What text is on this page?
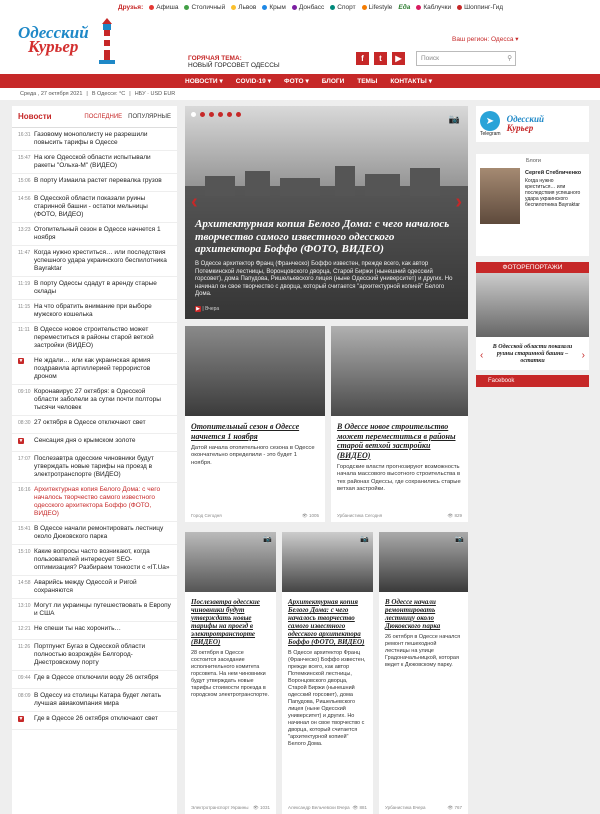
Друзья: Афиша Столичный Львов Крым Донбасс Спорт Lifestyle Еда Каблучки Шоппинг-Гид
Одесский
Курьер
ГОРЯЧАЯ ТЕМА:
НОВЫЙ ГОРСОВЕТ ОДЕССЫ
Ваш регион: Одесса ▾
f	t	▶	Поиск	⚲
НОВОСТИ ▾	COVID-19 ▾	ФОТО ▾	БЛОГИ ТЕМЫ КОНТАКТЫ ▾
Среда , 27 октября 2021 | В Одессе: °C | НБУ · USD EUR
Новости	ПОСЛЕДНИЕ ПОПУЛЯРНЫЕ
16:31 Газовому монополисту не разрешили повысить тарифы в Одессе
15:47 На юге Одесской области испытывали ракеты "Ольха-М" (ВИДЕО)
15:06 В порту Измаила растет перевалка грузов
14:56 В Одесской области показали руины старинной башни - остатки мельницы (ФОТО, ВИДЕО)
13:23 Отопительный сезон в Одессе начнется 1 ноября
11:47 Когда нужно креститься… или последствия успешного удара украинского беспилотника Bayraktar
11:19 В порту Одессы сдадут в аренду старые склады
11:15 На что обратить внимание при выборе мужского кошелька
11:11 В Одессе новое строительство может переместиться в районы старой ветхой застройки (ВИДЕО)
▼	Не ждали… или как украинская армия поздравила артиллерией террористов дроном
09:10 Коронавирус 27 октября: в Одесской области заболели за сутки почти полторы тысячи человек
08:30 27 октября в Одессе отключают свет
▼	Сенсация дня о крымском золоте
17:07 Послезавтра одесские чиновники будут утверждать новые тарифы на проезд в электротранспорте (ВИДЕО)
16:16 Архитектурная копия Белого Дома: с чего началось творчество самого известного одесского архитектора Боффо (ФОТО, ВИДЕО)
15:41 В Одессе начали ремонтировать лестницу около Дюковского парка
15:10 Какие вопросы часто возникают, когда пользователей интересует SEO-оптимизация? Разбираем тонкости с «IТ.Ua»
14:58 Аварийсь между Одессой и Ригой сохраняются
13:10 Могут ли украинцы путешествовать в Европу и США
12:21 Не спеши ты нас хоронить…
11:26 Портпункт Бугаз в Одесской области полностью возрождён Белгород-Днестровскому порту
09:44 Где в Одессе отключили воду 26 октября
08:09 В Одессу из столицы Катара будет летать лучшая авиакомпания мира
▼	Где в Одессе 26 октября отключают свет
📷
‹	›
Архитектурная копия Белого Дома: с чего началось творчество самого известного одесского архитектора Боффо (ФОТО, ВИДЕО)
В Одессе архитектор Франц (Франческо) Боффо известен, прежде всего, как автор Потемкинской лестницы, Воронцовского дворца, Старой Биржи (нынешний одесский горсовет), дома Папудова, Ришельевского лицея (ныне Одесский университет) и других. Но начинал он свое творчество с дворца, который считается "архитектурной копией" Белого Дома.
▶ | Вчера
Отопительный сезон в Одессе начнется 1 ноября
Датой начала отопительного сезона в Одессе окончательно определили - это будет 1 ноября.
Город Сегодня	👁 1005
В Одессе новое строительство может переместиться в районы старой ветхой застройки (ВИДЕО)
Городские власти прогнозируют возможность начала массового высотного строительства в тех районах Одессы, где сохранились старые ветхая застройки.
Урбанистика Сегодня	👁 829
📷
Послезавтра одесские чиновники будут утверждать новые тарифы на проезд в электротранспорте (ВИДЕО)
28 октября в Одессе состоится заседание исполнительного комитета горсовета. На нем чиновники будут утверждать новые тарифы стоимости проезда в городском электротранспорте.
Электротранспорт Украины 👁 1031
📷
Архитектурная копия Белого Дома: с чего началось творчество самого известного одесского архитектора Боффо (ФОТО, ВИДЕО)
В Одессе архитектор Франц (Франческо) Боффо известен, прежде всего, как автор Потемкинской лестницы, Воронцовского дворца, Старой Биржи (нынешний одесский горсовет), дома Папудова, Ришельевского лицея (ныне Одесский университет) и других. Но начинал он свое творчество с дворца, который считается "архитектурной копией" Белого Дома.
Александр Вельчевски Вчера 👁 881
📷
В Одессе начали ремонтировать лестницу около Дюковского парка
26 октября в Одессе начался ремонт пешеходной лестницы на улице Градоначальницкой, которая ведет к Дюковскому парку.
Урбанистика Вчера	👁 767
➤
Telegram
Одесский
Курьер
Блоги
Сергей Стебличенко
Когда нужно креститься… или последствия успешного удара украинского беспилотника Bayraktar
ФОТОРЕПОРТАЖИ
В Одесской области показали руины старинной башни – остатки
‹	›
Facebook
